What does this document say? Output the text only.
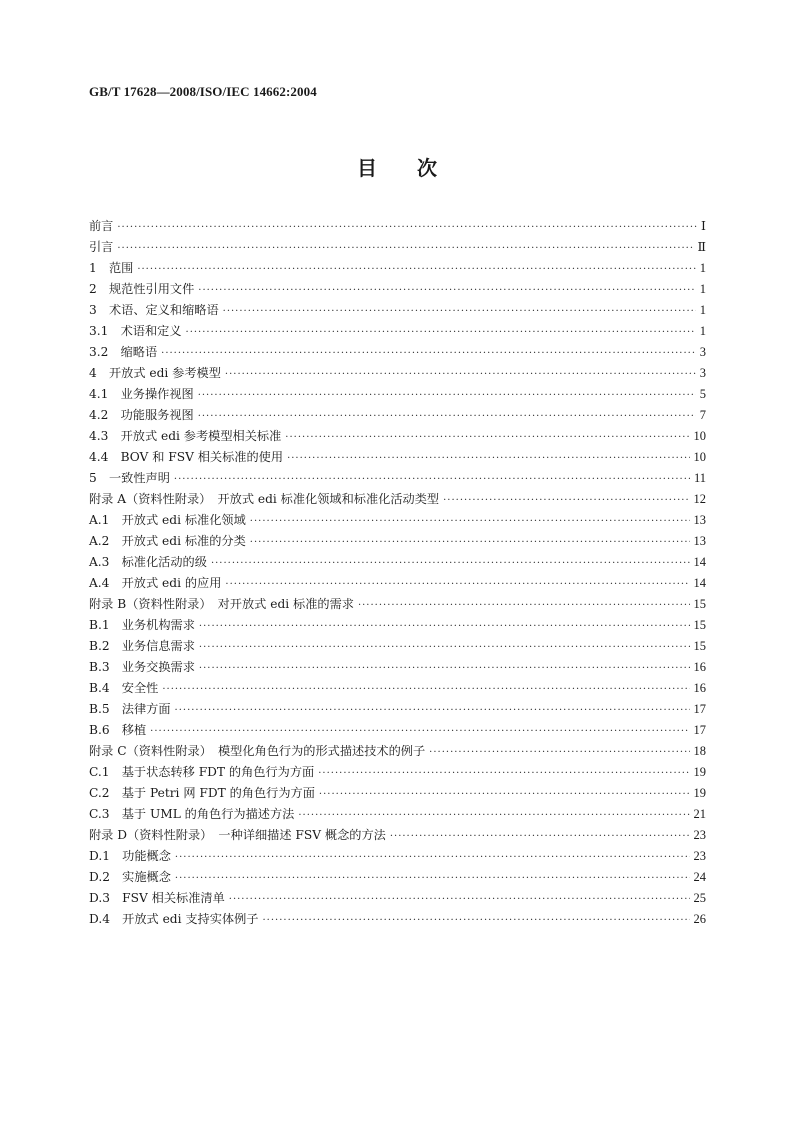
GB/T 17628—2008/ISO/IEC 14662:2004
目　　次
前言 ·····	Ⅰ
引言 ·····	Ⅱ
1　范围 ·····	1
2　规范性引用文件 ·····	1
3　术语、定义和缩略语 ·····	1
3.1　术语和定义 ·····	1
3.2　缩略语 ·····	3
4　开放式 edi 参考模型 ·····	3
4.1　业务操作视图 ·····	5
4.2　功能服务视图 ·····	7
4.3　开放式 edi 参考模型相关标准 ·····	10
4.4　BOV 和 FSV 相关标准的使用 ·····	10
5　一致性声明 ·····	11
附录 A（资料性附录）　开放式 edi 标准化领域和标准化活动类型 ·····	12
A.1　开放式 edi 标准化领域 ·····	13
A.2　开放式 edi 标准的分类 ·····	13
A.3　标准化活动的级 ·····	14
A.4　开放式 edi 的应用 ·····	14
附录 B（资料性附录）　对开放式 edi 标准的需求 ·····	15
B.1　业务机构需求 ·····	15
B.2　业务信息需求 ·····	15
B.3　业务交换需求 ·····	16
B.4　安全性 ·····	16
B.5　法律方面 ·····	17
B.6　移植 ·····	17
附录 C（资料性附录）　模型化角色行为的形式描述技术的例子 ·····	18
C.1　基于状态转移 FDT 的角色行为方面 ·····	19
C.2　基于 Petri 网 FDT 的角色行为方面 ·····	19
C.3　基于 UML 的角色行为描述方法 ·····	21
附录 D（资料性附录）　一种详细描述 FSV 概念的方法 ·····	23
D.1　功能概念 ·····	23
D.2　实施概念 ·····	24
D.3　FSV 相关标准清单 ·····	25
D.4　开放式 edi 支持实体例子 ·····	26
